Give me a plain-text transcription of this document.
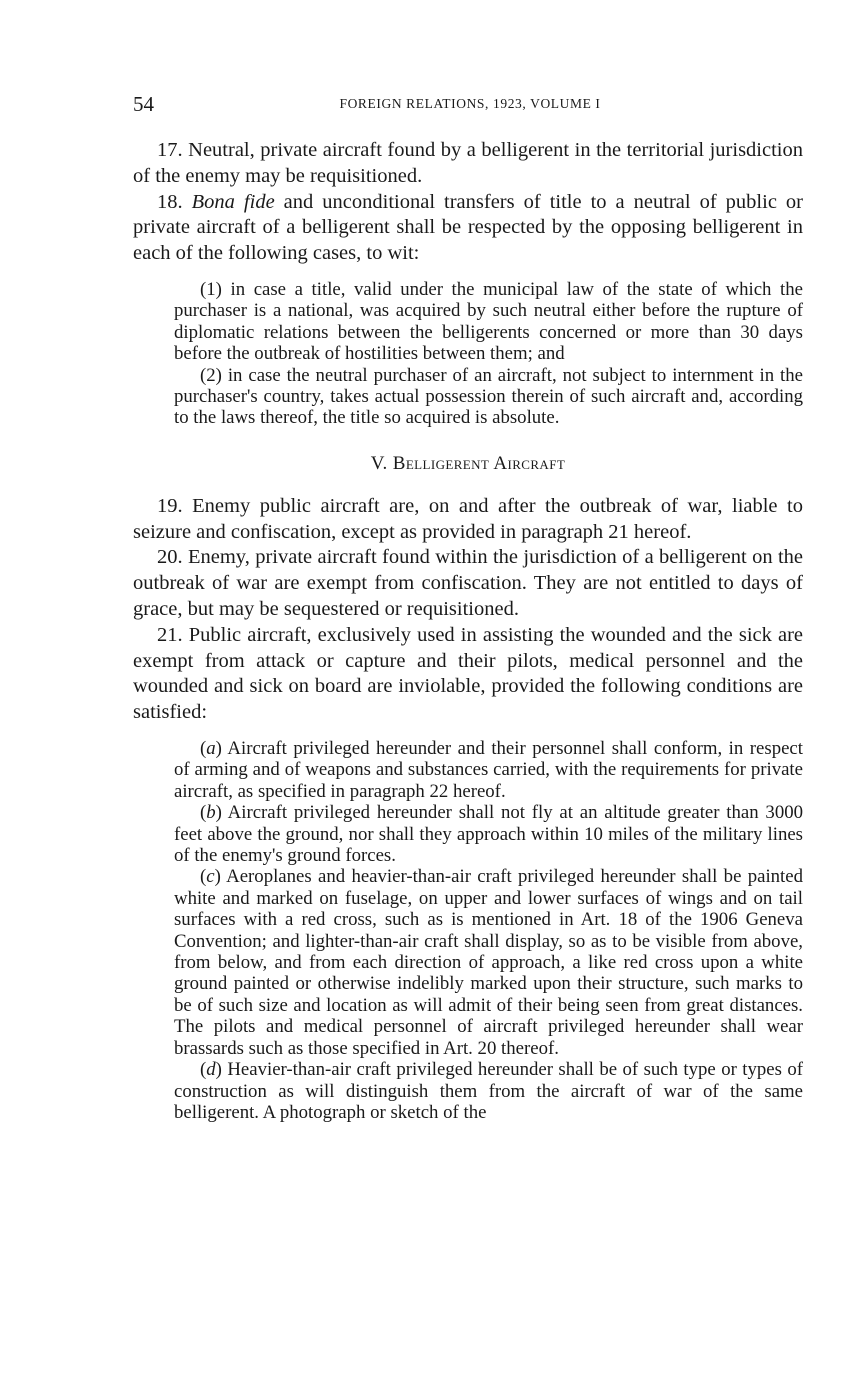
54	FOREIGN RELATIONS, 1923, VOLUME I

17. Neutral, private aircraft found by a belligerent in the territorial jurisdiction of the enemy may be requisitioned.

18. Bona fide and unconditional transfers of title to a neutral of public or private aircraft of a belligerent shall be respected by the opposing belligerent in each of the following cases, to wit:

(1) in case a title, valid under the municipal law of the state of which the purchaser is a national, was acquired by such neutral either before the rupture of diplomatic relations between the belligerents concerned or more than 30 days before the outbreak of hostilities between them; and

(2) in case the neutral purchaser of an aircraft, not subject to internment in the purchaser's country, takes actual possession therein of such aircraft and, according to the laws thereof, the title so acquired is absolute.

V. Belligerent Aircraft

19. Enemy public aircraft are, on and after the outbreak of war, liable to seizure and confiscation, except as provided in paragraph 21 hereof.

20. Enemy, private aircraft found within the jurisdiction of a belligerent on the outbreak of war are exempt from confiscation. They are not entitled to days of grace, but may be sequestered or requisitioned.

21. Public aircraft, exclusively used in assisting the wounded and the sick are exempt from attack or capture and their pilots, medical personnel and the wounded and sick on board are inviolable, provided the following conditions are satisfied:

(a) Aircraft privileged hereunder and their personnel shall conform, in respect of arming and of weapons and substances carried, with the requirements for private aircraft, as specified in paragraph 22 hereof.

(b) Aircraft privileged hereunder shall not fly at an altitude greater than 3000 feet above the ground, nor shall they approach within 10 miles of the military lines of the enemy's ground forces.

(c) Aeroplanes and heavier-than-air craft privileged hereunder shall be painted white and marked on fuselage, on upper and lower surfaces of wings and on tail surfaces with a red cross, such as is mentioned in Art. 18 of the 1906 Geneva Convention; and lighter-than-air craft shall display, so as to be visible from above, from below, and from each direction of approach, a like red cross upon a white ground painted or otherwise indelibly marked upon their structure, such marks to be of such size and location as will admit of their being seen from great distances. The pilots and medical personnel of aircraft privileged hereunder shall wear brassards such as those specified in Art. 20 thereof.

(d) Heavier-than-air craft privileged hereunder shall be of such type or types of construction as will distinguish them from the aircraft of war of the same belligerent. A photograph or sketch of the
